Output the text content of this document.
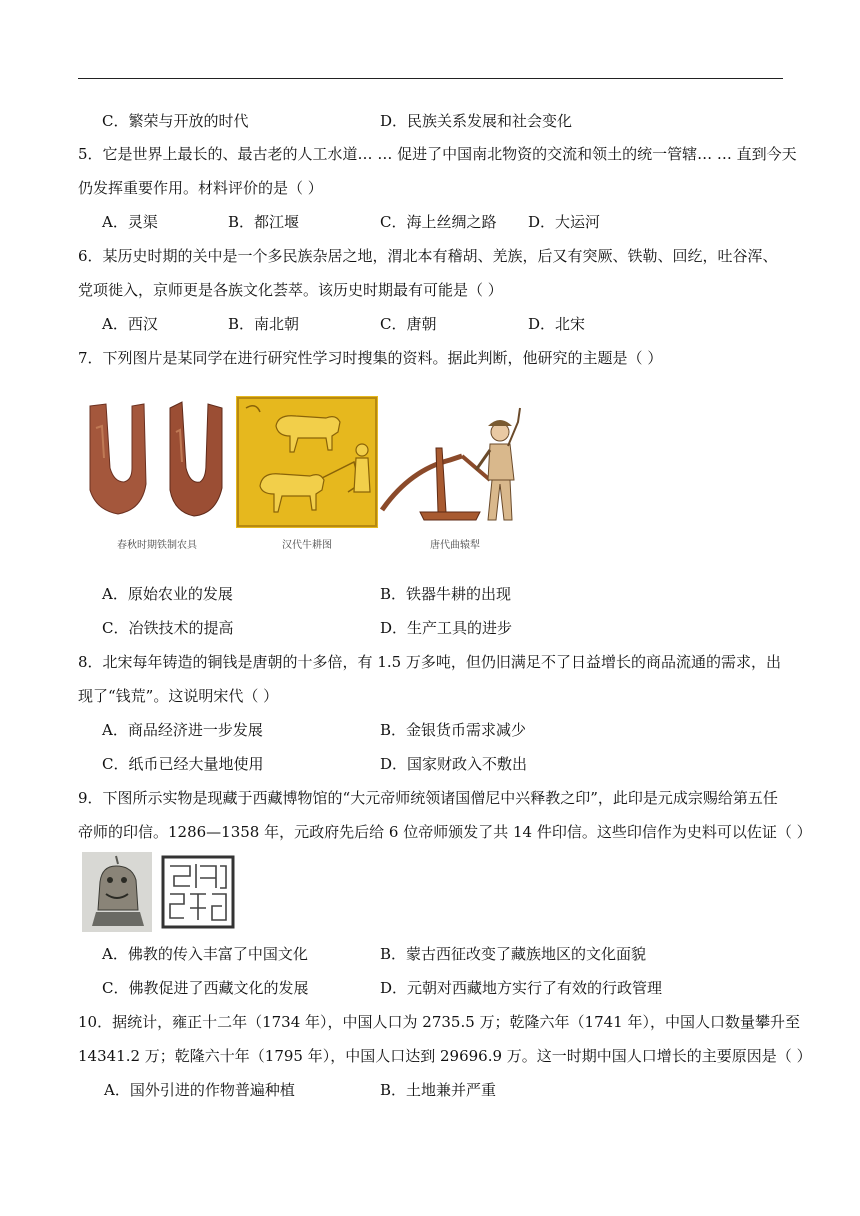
C．繁荣与开放的时代	D．民族关系发展和社会变化
5．它是世界上最长的、最古老的人工水道… … 促进了中国南北物资的交流和领土的统一管辖… … 直到今天
仍发挥重要作用。材料评价的是（ ）
A．灵渠	B．都江堰	C．海上丝绸之路 D．大运河
6．某历史时期的关中是一个多民族杂居之地，渭北本有稽胡、羌族，后又有突厥、铁勒、回纥，吐谷浑、
党项徙入，京师更是各族文化荟萃。该历史时期最有可能是（ ）
A．西汉	B．南北朝	C．唐朝	D．北宋
7．下列图片是某同学在进行研究性学习时搜集的资料。据此判断，他研究的主题是（ ）
春秋时期铁制农具	汉代牛耕图	唐代曲辕犁
A．原始农业的发展	B．铁器牛耕的出现
C．冶铁技术的提高	D．生产工具的进步
8．北宋每年铸造的铜钱是唐朝的十多倍，有 1.5 万多吨，但仍旧满足不了日益增长的商品流通的需求，出
现了“钱荒”。这说明宋代（ ）
A．商品经济进一步发展	B．金银货币需求减少
C．纸币已经大量地使用	D．国家财政入不敷出
9．下图所示实物是现藏于西藏博物馆的“大元帝师统领诸国僧尼中兴释教之印”，此印是元成宗赐给第五任
帝师的印信。1286—1358 年，元政府先后给 6 位帝师颁发了共 14 件印信。这些印信作为史料可以佐证（ ）
A．佛教的传入丰富了中国文化	B．蒙古西征改变了藏族地区的文化面貌
C．佛教促进了西藏文化的发展	D．元朝对西藏地方实行了有效的行政管理
10．据统计，雍正十二年（1734 年），中国人口为 2735.5 万；乾隆六年（1741 年），中国人口数量攀升至
14341.2 万；乾隆六十年（1795 年），中国人口达到 29696.9 万。这一时期中国人口增长的主要原因是（ ）
A．国外引进的作物普遍种植	B．土地兼并严重
